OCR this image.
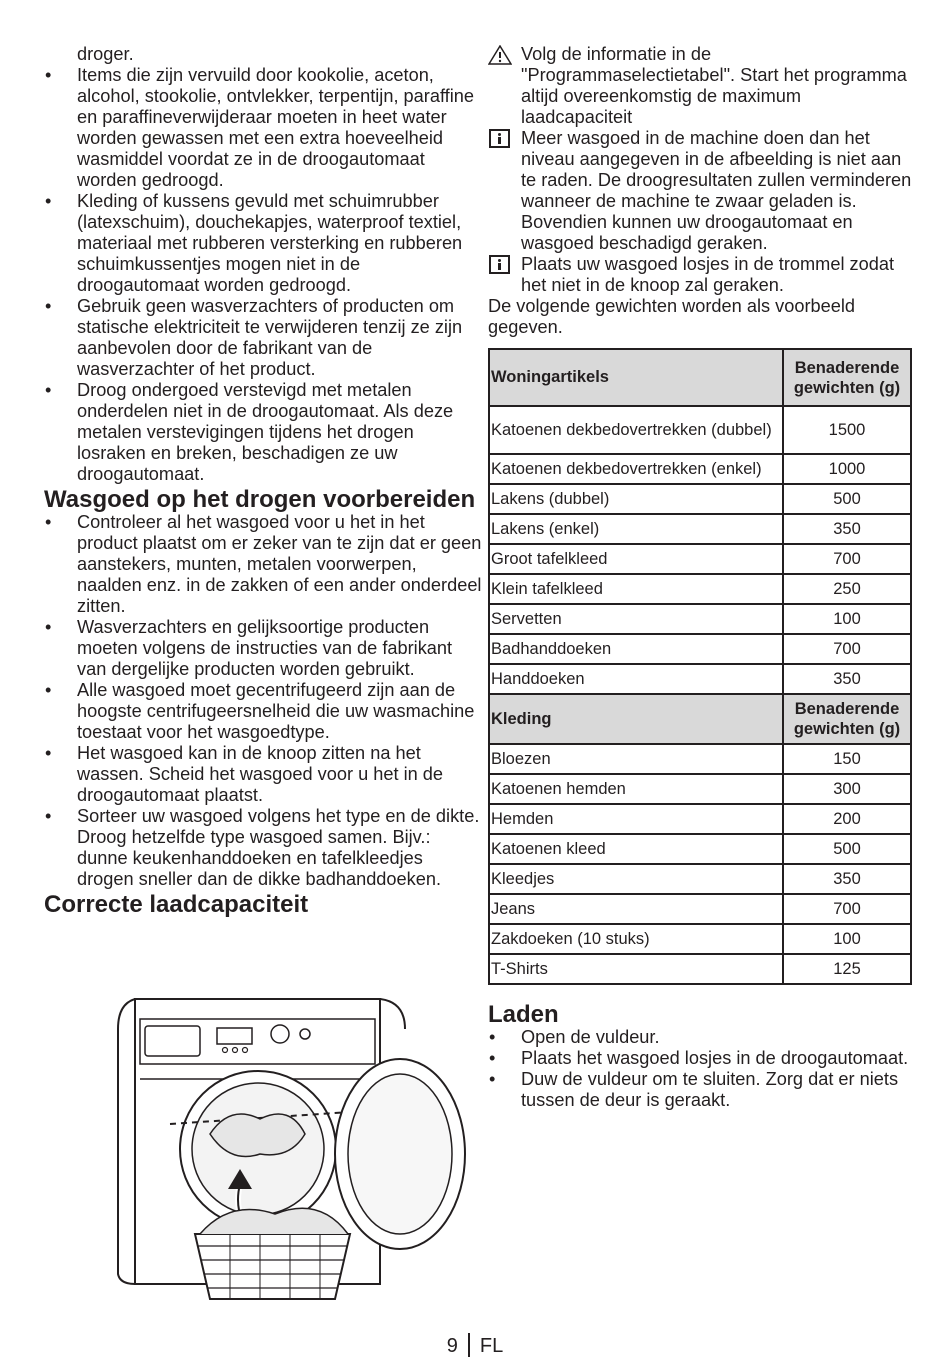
droger.

• Items die zijn vervuild door kookolie, aceton, alcohol, stookolie, ontvlekker, terpentijn, paraffine en paraffineverwijderaar moeten in heet water worden gewassen met een extra hoeveelheid wasmiddel voordat ze in de droogautomaat worden gedroogd.
• Kleding of kussens gevuld met schuimrubber (latexschuim), douchekapjes, waterproof textiel, materiaal met rubberen versterking en rubberen schuimkussentjes mogen niet in de droogautomaat worden gedroogd.
• Gebruik geen wasverzachters of producten om statische elektriciteit te verwijderen tenzij ze zijn aanbevolen door de fabrikant van de wasverzachter of het product.
• Droog ondergoed verstevigd met metalen onderdelen niet in de droogautomaat. Als deze metalen verstevigingen tijdens het drogen losraken en breken, beschadigen ze uw droogautomaat.
Wasgoed op het drogen voorbereiden
• Controleer al het wasgoed voor u het in het product plaatst om er zeker van te zijn dat er geen aanstekers, munten, metalen voorwerpen, naalden enz. in de zakken of een ander onderdeel zitten.
• Wasverzachters en gelijksoortige producten moeten volgens de instructies van de fabrikant van dergelijke producten worden gebruikt.
• Alle wasgoed moet gecentrifugeerd zijn aan de hoogste centrifugeersnelheid die uw wasmachine toestaat voor het wasgoedtype.
• Het wasgoed kan in de knoop zitten na het wassen. Scheid het wasgoed voor u het in de droogautomaat plaatst.
• Sorteer uw wasgoed volgens het type en de dikte. Droog hetzelfde type wasgoed samen. Bijv.: dunne keukenhanddoeken en tafelkleedjes drogen sneller dan de dikke badhanddoeken.
Correcte laadcapaciteit
Volg de informatie in de "Programmaselectietabel". Start het programma altijd overeenkomstig de maximum laadcapaciteit
Meer wasgoed in de machine doen dan het niveau aangegeven in de afbeelding is niet aan te raden. De droogresultaten zullen verminderen wanneer de machine te zwaar geladen is. Bovendien kunnen uw droogautomaat en wasgoed beschadigd geraken.
Plaats uw wasgoed losjes in de trommel zodat het niet in de knoop zal geraken.

De volgende gewichten worden als voorbeeld gegeven.

Woningartikels	Benaderende gewichten (g)
Katoenen dekbedovertrekken (dubbel)	1500
Katoenen dekbedovertrekken (enkel)	1000
Lakens (dubbel)	500
Lakens (enkel)	350
Groot tafelkleed	700
Klein tafelkleed	250
Servetten	100
Badhanddoeken	700
Handdoeken	350
Kleding	Benaderende gewichten (g)
Bloezen	150
Katoenen hemden	300
Hemden	200
Katoenen kleed	500
Kleedjes	350
Jeans	700
Zakdoeken (10 stuks)	100
T-Shirts	125
Laden
• Open de vuldeur.
• Plaats het wasgoed losjes in de droogautomaat.
• Duw de vuldeur om te sluiten. Zorg dat er niets tussen de deur is geraakt.
9 FL
